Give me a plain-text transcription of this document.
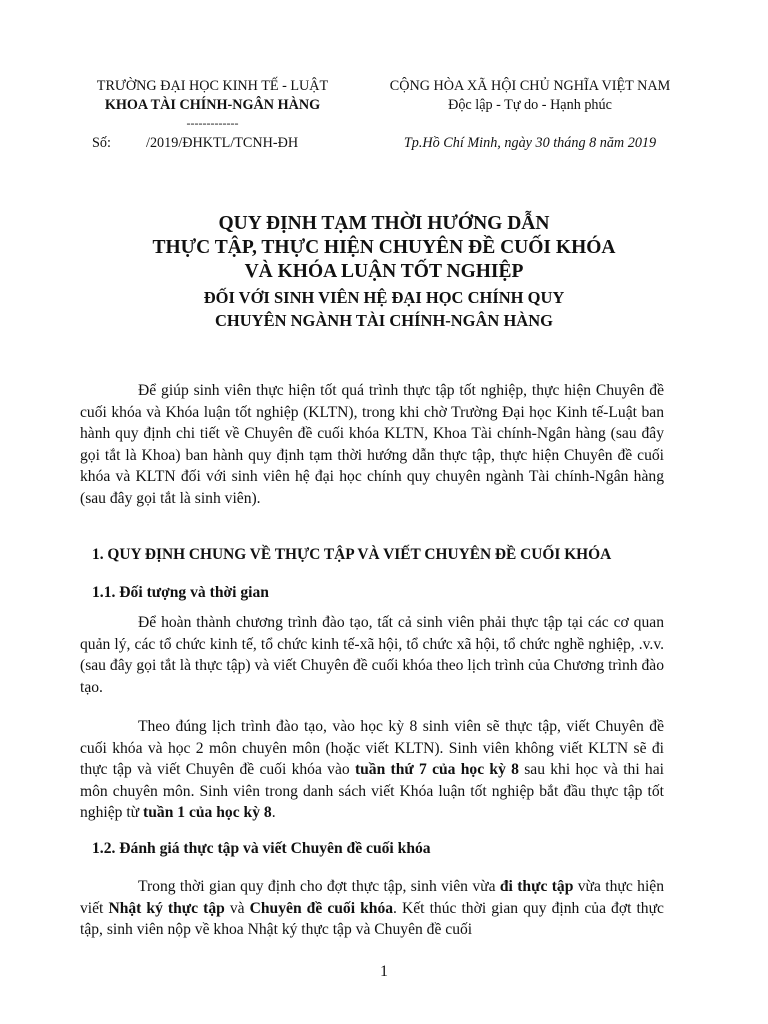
TRƯỜNG ĐẠI HỌC KINH TẾ - LUẬT
KHOA TÀI CHÍNH-NGÂN HÀNG
-------------
Số: /2019/ĐHKTL/TCNH-ĐH
CỘNG HÒA XÃ HỘI CHỦ NGHĨA VIỆT NAM
Độc lập - Tự do - Hạnh phúc
Tp.Hồ Chí Minh, ngày 30 tháng 8 năm 2019
QUY ĐỊNH TẠM THỜI HƯỚNG DẪN
THỰC TẬP, THỰC HIỆN CHUYÊN ĐỀ CUỐI KHÓA
VÀ KHÓA LUẬN TỐT NGHIỆP
ĐỐI VỚI SINH VIÊN HỆ ĐẠI HỌC CHÍNH QUY
CHUYÊN NGÀNH TÀI CHÍNH-NGÂN HÀNG
Để giúp sinh viên thực hiện tốt quá trình thực tập tốt nghiệp, thực hiện Chuyên đề cuối khóa và Khóa luận tốt nghiệp (KLTN), trong khi chờ Trường Đại học Kinh tế-Luật ban hành quy định chi tiết về Chuyên đề cuối khóa KLTN, Khoa Tài chính-Ngân hàng (sau đây gọi tắt là Khoa) ban hành quy định tạm thời hướng dẫn thực tập, thực hiện Chuyên đề cuối khóa và KLTN đối với sinh viên hệ đại học chính quy chuyên ngành Tài chính-Ngân hàng (sau đây gọi tắt là sinh viên).
1. QUY ĐỊNH CHUNG VỀ THỰC TẬP VÀ VIẾT CHUYÊN ĐỀ CUỐI KHÓA
1.1. Đối tượng và thời gian
Để hoàn thành chương trình đào tạo, tất cả sinh viên phải thực tập tại các cơ quan quản lý, các tổ chức kinh tế, tổ chức kinh tế-xã hội, tổ chức xã hội, tổ chức nghề nghiệp, .v.v. (sau đây gọi tắt là thực tập) và viết Chuyên đề cuối khóa theo lịch trình của Chương trình đào tạo.
Theo đúng lịch trình đào tạo, vào học kỳ 8 sinh viên sẽ thực tập, viết Chuyên đề cuối khóa và học 2 môn chuyên môn (hoặc viết KLTN). Sinh viên không viết KLTN sẽ đi thực tập và viết Chuyên đề cuối khóa vào tuần thứ 7 của học kỳ 8 sau khi học và thi hai môn chuyên môn. Sinh viên trong danh sách viết Khóa luận tốt nghiệp bắt đầu thực tập tốt nghiệp từ tuần 1 của học kỳ 8.
1.2. Đánh giá thực tập và viết Chuyên đề cuối khóa
Trong thời gian quy định cho đợt thực tập, sinh viên vừa đi thực tập vừa thực hiện viết Nhật ký thực tập và Chuyên đề cuối khóa. Kết thúc thời gian quy định của đợt thực tập, sinh viên nộp về khoa Nhật ký thực tập và Chuyên đề cuối
1
